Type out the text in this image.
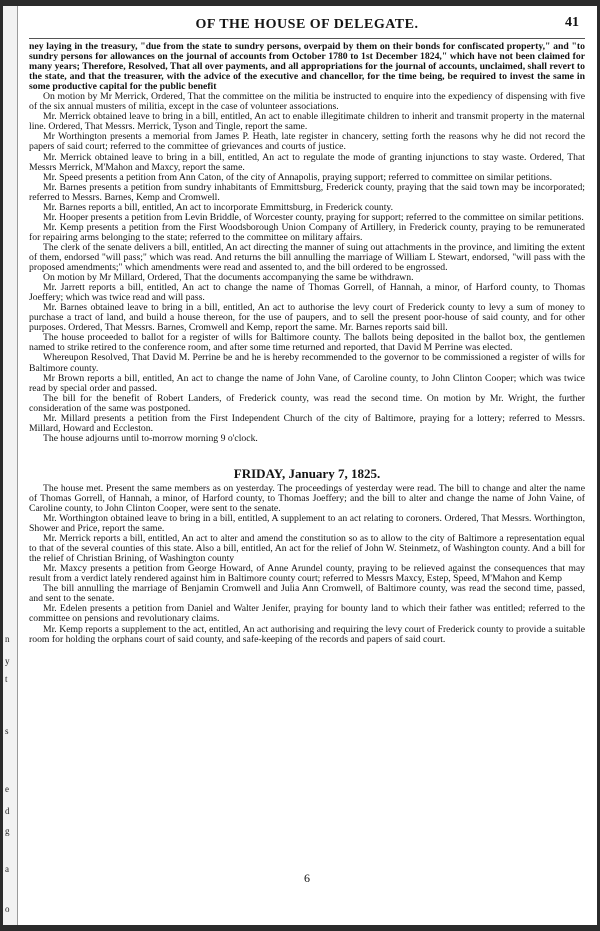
n
y
t
s
e
d
g
a
o
OF THE HOUSE OF DELEGATE.	41

ney laying in the treasury, "due from the state to sundry persons, overpaid by them on their bonds for confiscated property," and "to sundry persons for allowances on the journal of accounts from October 1780 to 1st December 1824," which have not been claimed for many years; Therefore, Resolved, That all over payments, and all appropriations for the journal of accounts, unclaimed, shall revert to the state, and that the treasurer, with the advice of the executive and chancellor, for the time being, be required to invest the same in some productive capital for the public benefit

On motion by Mr Merrick, Ordered, That the committee on the militia be instructed to enquire into the expediency of dispensing with five of the six annual musters of militia, except in the case of volunteer associations.

Mr. Merrick obtained leave to bring in a bill, entitled, An act to enable illegitimate children to inherit and transmit property in the maternal line. Ordered, That Messrs. Merrick, Tyson and Tingle, report the same.

Mr Worthington presents a memorial from James P. Heath, late register in chancery, setting forth the reasons why he did not record the papers of said court; referred to the committee of grievances and courts of justice.

Mr. Merrick obtained leave to bring in a bill, entitled, An act to regulate the mode of granting injunctions to stay waste. Ordered, That Messrs Merrick, M'Mahon and Maxcy, report the same.

Mr. Speed presents a petition from Ann Caton, of the city of Annapolis, praying support; referred to committee on similar petitions.

Mr. Barnes presents a petition from sundry inhabitants of Emmittsburg, Frederick county, praying that the said town may be incorporated; referred to Messrs. Barnes, Kemp and Cromwell.

Mr. Barnes reports a bill, entitled, An act to incorporate Emmittsburg, in Frederick county.

Mr. Hooper presents a petition from Levin Briddle, of Worcester county, praying for support; referred to the committee on similar petitions.

Mr. Kemp presents a petition from the First Woodsborough Union Company of Artillery, in Frederick county, praying to be remunerated for repairing arms belonging to the state; referred to the committee on military affairs.

The clerk of the senate delivers a bill, entitled, An act directing the manner of suing out attachments in the province, and limiting the extent of them, endorsed "will pass;" which was read. And returns the bill annulling the marriage of William L Stewart, endorsed, "will pass with the proposed amendments;" which amendments were read and assented to, and the bill ordered to be engrossed.

On motion by Mr Millard, Ordered, That the documents accompanying the same be withdrawn.

Mr. Jarrett reports a bill, entitled, An act to change the name of Thomas Gorrell, of Hannah, a minor, of Harford county, to Thomas Joeffery; which was twice read and will pass.

Mr. Barnes obtained leave to bring in a bill, entitled, An act to authorise the levy court of Frederick county to levy a sum of money to purchase a tract of land, and build a house thereon, for the use of paupers, and to sell the present poor-house of said county, and for other purposes. Ordered, That Messrs. Barnes, Cromwell and Kemp, report the same. Mr. Barnes reports said bill.

The house proceeded to ballot for a register of wills for Baltimore county. The ballots being deposited in the ballot box, the gentlemen named to strike retired to the conference room, and after some time returned and reported, that David M Perrine was elected.

Whereupon Resolved, That David M. Perrine be and he is hereby recommended to the governor to be commissioned a register of wills for Baltimore county.

Mr Brown reports a bill, entitled, An act to change the name of John Vane, of Caroline county, to John Clinton Cooper; which was twice read by special order and passed.

The bill for the benefit of Robert Landers, of Frederick county, was read the second time. On motion by Mr. Wright, the further consideration of the same was postponed.

Mr. Millard presents a petition from the First Independent Church of the city of Baltimore, praying for a lottery; referred to Messrs. Millard, Howard and Eccleston.

The house adjourns until to-morrow morning 9 o'clock.

FRIDAY, January 7, 1825.

The house met. Present the same members as on yesterday. The proceedings of yesterday were read. The bill to change and alter the name of Thomas Gorrell, of Hannah, a minor, of Harford county, to Thomas Joeffery; and the bill to alter and change the name of John Vaine, of Caroline county, to John Clinton Cooper, were sent to the senate.

Mr. Worthington obtained leave to bring in a bill, entitled, A supplement to an act relating to coroners. Ordered, That Messrs. Worthington, Shower and Price, report the same.

Mr. Merrick reports a bill, entitled, An act to alter and amend the constitution so as to allow to the city of Baltimore a representation equal to that of the several counties of this state. Also a bill, entitled, An act for the relief of John W. Steinmetz, of Washington county. And a bill for the relief of Christian Brining, of Washington county

Mr. Maxcy presents a petition from George Howard, of Anne Arundel county, praying to be relieved against the consequences that may result from a verdict lately rendered against him in Baltimore county court; referred to Messrs Maxcy, Estep, Speed, M'Mahon and Kemp

The bill annulling the marriage of Benjamin Cromwell and Julia Ann Cromwell, of Baltimore county, was read the second time, passed, and sent to the senate.

Mr. Edelen presents a petition from Daniel and Walter Jenifer, praying for bounty land to which their father was entitled; referred to the committee on pensions and revolutionary claims.

Mr. Kemp reports a supplement to the act, entitled, An act authorising and requiring the levy court of Frederick county to provide a suitable room for holding the orphans court of said county, and safe-keeping of the records and papers of said court.

6
